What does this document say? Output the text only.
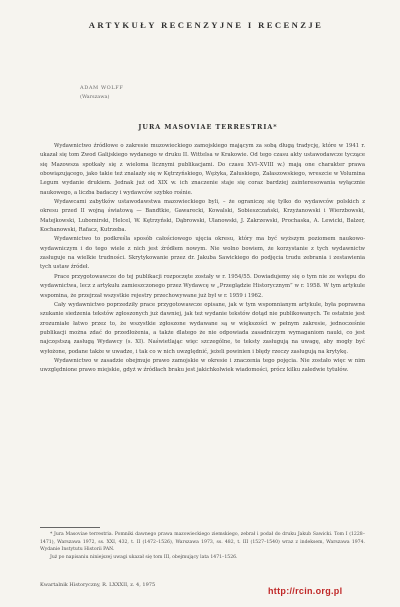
ARTYKUŁY RECENZYJNE I RECENZJE
ADAM WOLFF
(Warszawa)
JURA MASOVIAE TERRESTRIA*

Wydawnictwo źródłowe o zakresie muzowieckiego zamojskiego mającym za sobą długą tradycję, które w 1941 r. ukazał się tom Zwod Galijskiego wydanego w druku II. Wittelsa w Krakowie. Od tego czasu akty ustawodawcze tyczące się Mazowsza spotkały się z wieloma licznymi publikacjami. Do czasu XVI–XVIII w.) mają one charakter prawa obowiązującego, jako takie też znalazły się w Kętrzyńskiego, Wężyka, Załuskiego, Załaszowskiego, wreszcie w Volumina Legum wydanie drukiem. Jednak już od XIX w. ich znaczenie staje się coraz bardziej zainteresowania wyłącznie naukowego, a liczba badaczy i wydawców szybko rośnie.

Wydawcami zabytków ustawodawstwa mazowieckiego byli, – że ograniczę się tylko do wydawców polskich z okresu przed II wojną światową — Bandtkie, Gawarecki, Kowalski, Sobieszczański, Krzyżanowski i Wierzbowski, Matejkowski, Lubomirski, Helcel, W. Kętrzyński, Dąbrowski, Ulanowski, J. Zakrzewski, Prochaska, A. Lewicki, Balzer, Kochanowski, Rafacz, Kutrzeba.

Wydawnictwo to podkreśla sposób całościowego ujęcia okresu, który ma być wyższym poziomem naukowo-wydawniczym i do tego wiele z nich jest źródłem nowym. Nie wolno bowiem, że korzystanie z tych wydawnictw zasługuje na wielkie trudności. Skrytykowanie przez dr. Jakuba Sawickiego do podjęcia trudu zebrania i zestawienia tych ustaw źródeł.

Prace przygotowawcze do tej publikacji rozpoczęte zostały w r. 1954/55. Dowiadujemy się o tym nie ze wstępu do wydawnictwa, lecz z artykułu zamieszczonego przez Wydawcę w „Przeglądzie Historycznym” w r. 1958. W tym artykule wspomina, że przejrzał wszystkie rejestry przechowywane już był w r. 1959 i 1962.

Cały wydawnictwo poprzedziły prace przygotowawcze opisane, jak w tym wspomnianym artykule, była poprawna szukanie siedzenia tekstów zgłoszonych już dawniej, jak też wydanie tekstów dotąd nie publikowanych. Te ostatnie jest zrozumiałe łatwo przez to, że wszystkie zgłoszone wydawane są w większości w pełnym zakresie, jednocześnie publikacji można zdać do przedłożenia, a także dlatego że nie odpowiada zasadniczym wymaganiom nauki, co jest najczęstszą zasługą Wydawcy (s. XI). Naświetlając więc szczególne, te teksty zasługują na uwagę, aby mogły być wyłożone, podane także w uwadze, i tak co w nich uwzględnić, jeżeli powinien i błędy rzeczy zasługują na krytykę.

Wydawnictwo w zasadzie obejmuje prawo zamojskie w okresie i znaczenia tego pojęcia. Nie zostało więc w nim uwzględnione prawo miejskie, gdyż w źródłach braku jest jakichkolwiek wiadomości, prócz kilku zaledwie tytułów.

* Jura Masoviae terrestria. Pomniki dawnego prawa mazowieckiego ziemskiego, zebrał i podał do druku Jakub Sawicki. Tom I (1228–1471), Warszawa 1972, ss. XXI, 432, t. II (1472–1526), Warszawa 1973, ss. 482, t. III (1527–1540) wraz z indeksem, Warszawa 1974. Wydanie Instytutu Historii PAN.

Już po napisaniu niniejszej uwagi ukazał się tom III, obejmujący lata 1471–1526.

Kwartalnik Historyczny, R. LXXXII, z. 4, 1975
http://rcin.org.pl
